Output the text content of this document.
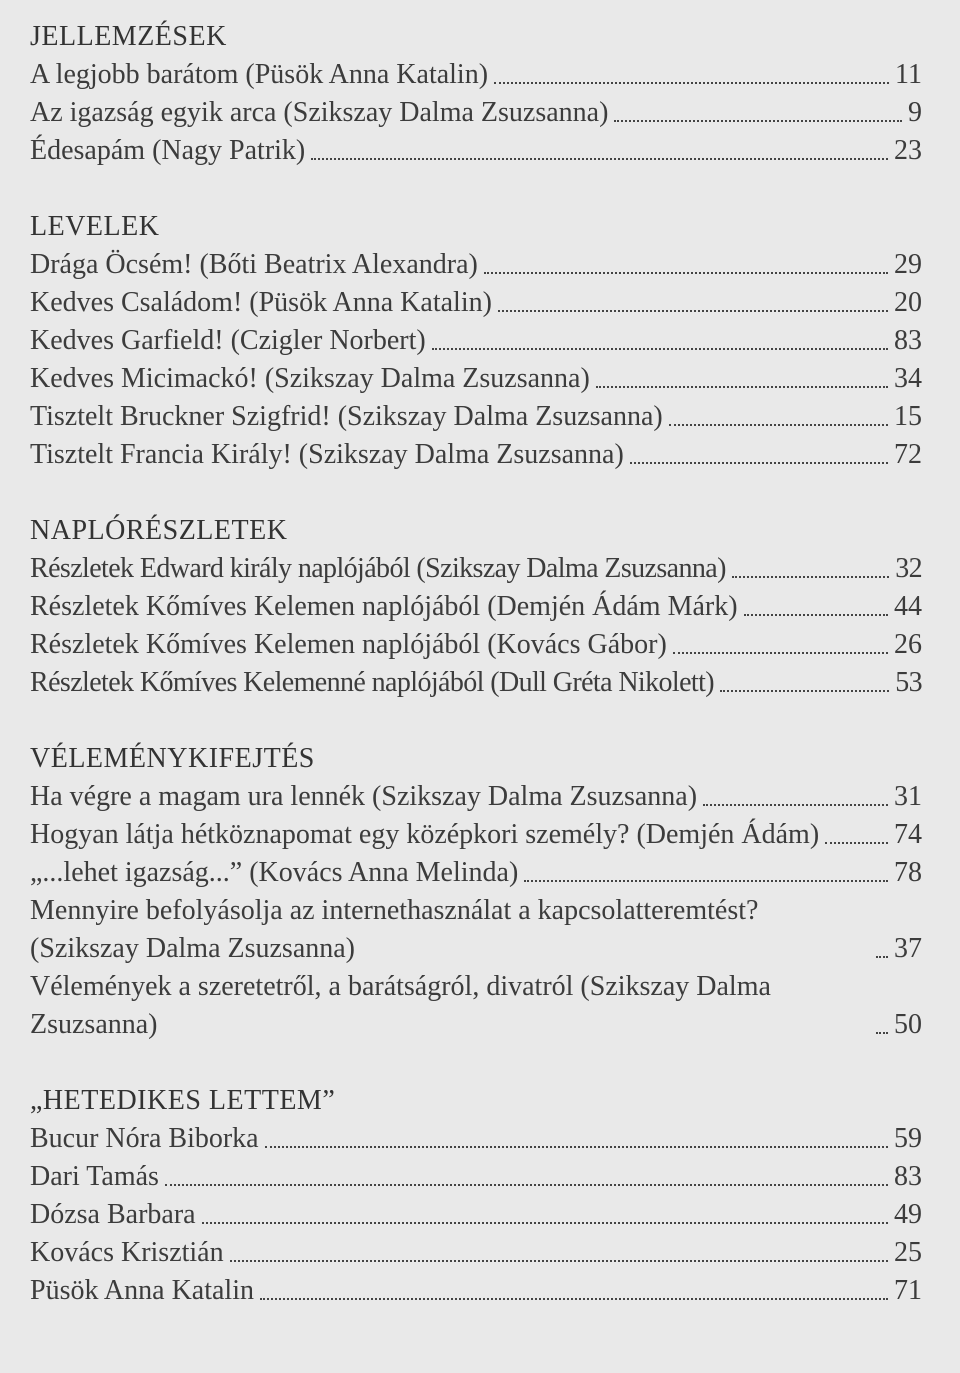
JELLEMZÉSEK
A legjobb barátom (Püsök Anna Katalin)	11
Az igazság egyik arca (Szikszay Dalma Zsuzsanna)	9
Édesapám (Nagy Patrik)	23
LEVELEK
Drága Öcsém! (Bőti Beatrix Alexandra)	29
Kedves Családom! (Püsök Anna Katalin)	20
Kedves Garfield! (Czigler Norbert)	83
Kedves Micimackó! (Szikszay Dalma Zsuzsanna)	34
Tisztelt Bruckner Szigfrid! (Szikszay Dalma Zsuzsanna)	15
Tisztelt Francia Király! (Szikszay Dalma Zsuzsanna)	72
NAPLÓRÉSZLETEK
Részletek Edward király naplójából (Szikszay Dalma Zsuzsanna)	32
Részletek Kőmíves Kelemen naplójából (Demjén Ádám Márk)	44
Részletek Kőmíves Kelemen naplójából (Kovács Gábor)	26
Részletek Kőmíves Kelemenné naplójából (Dull Gréta Nikolett)	53
VÉLEMÉNYKIFEJTÉS
Ha végre a magam ura lennék (Szikszay Dalma Zsuzsanna)	31
Hogyan látja hétköznapomat egy középkori személy? (Demjén Ádám)	74
„...lehet igazság...” (Kovács Anna Melinda)	78
Mennyire befolyásolja az internethasználat a kapcsolatteremtést? (Szikszay Dalma Zsuzsanna)	37
Vélemények a szeretetről, a barátságról, divatról (Szikszay Dalma Zsuzsanna)	50
„HETEDIKES LETTEM”
Bucur Nóra Biborka	59
Dari Tamás	83
Dózsa Barbara	49
Kovács Krisztián	25
Püsök Anna Katalin	71
